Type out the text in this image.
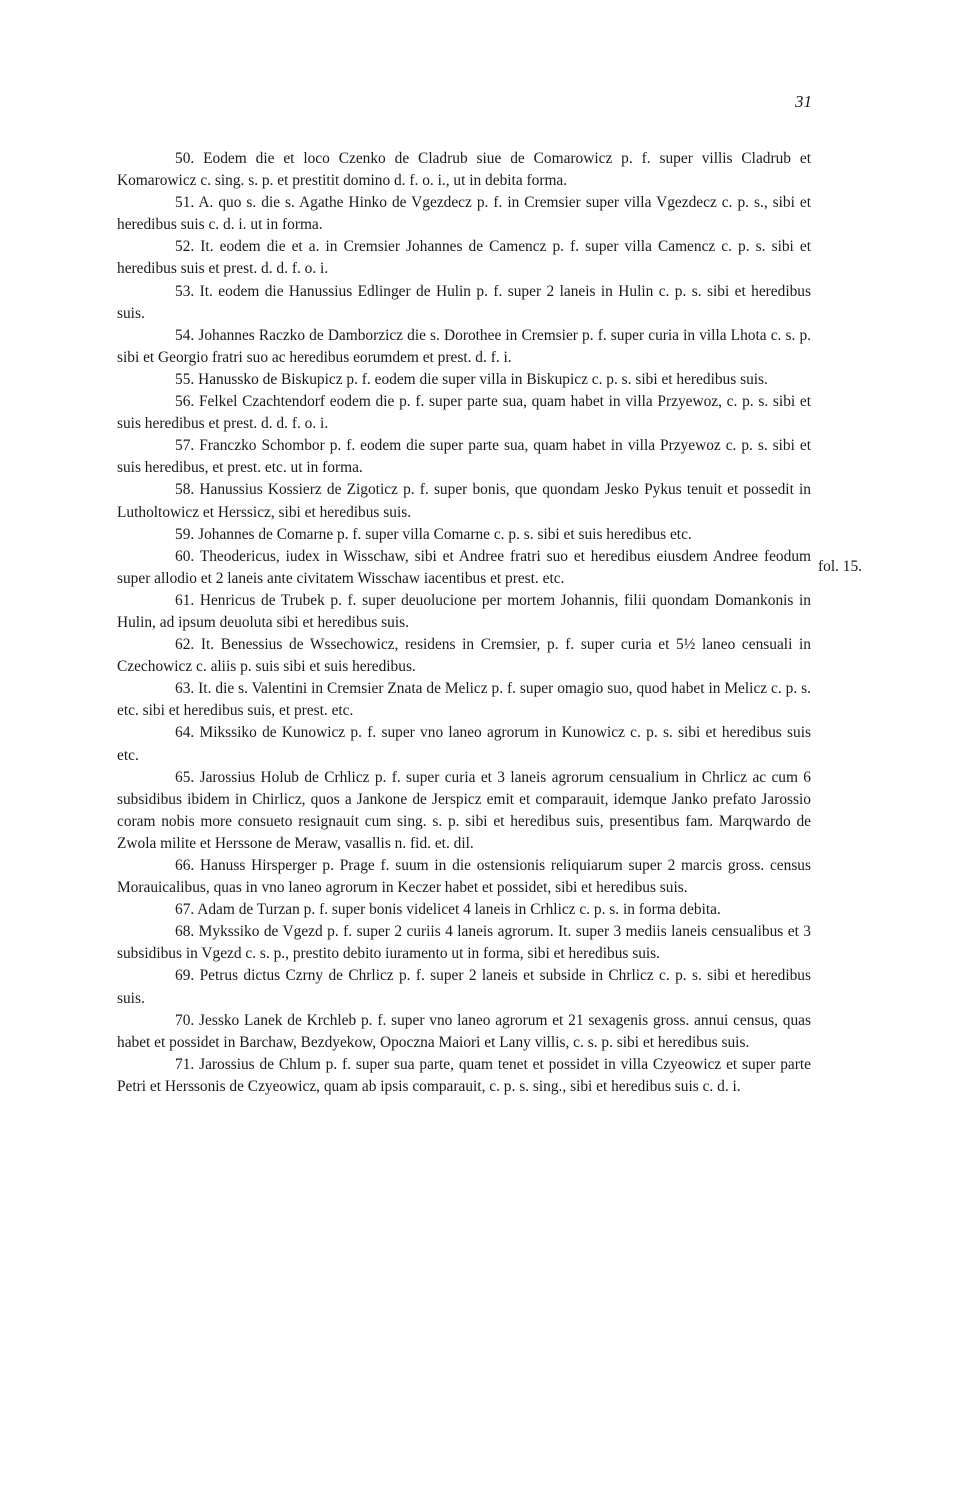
31
fol. 15.

50. Eodem die et loco Czenko de Cladrub siue de Comarowicz p. f. super villis Cladrub et Komarowicz c. sing. s. p. et prestitit domino d. f. o. i., ut in debita forma.

51. A. quo s. die s. Agathe Hinko de Vgezdecz p. f. in Cremsier super villa Vgezdecz c. p. s., sibi et heredibus suis c. d. i. ut in forma.

52. It. eodem die et a. in Cremsier Johannes de Camencz p. f. super villa Camencz c. p. s. sibi et heredibus suis et prest. d. d. f. o. i.

53. It. eodem die Hanussius Edlinger de Hulin p. f. super 2 laneis in Hulin c. p. s. sibi et heredibus suis.

54. Johannes Raczko de Damborzicz die s. Dorothee in Cremsier p. f. super curia in villa Lhota c. s. p. sibi et Georgio fratri suo ac heredibus eorumdem et prest. d. f. i.

55. Hanussko de Biskupicz p. f. eodem die super villa in Biskupicz c. p. s. sibi et heredibus suis.

56. Felkel Czachtendorf eodem die p. f. super parte sua, quam habet in villa Przyewoz, c. p. s. sibi et suis heredibus et prest. d. d. f. o. i.

57. Franczko Schombor p. f. eodem die super parte sua, quam habet in villa Przyewoz c. p. s. sibi et suis heredibus, et prest. etc. ut in forma.

58. Hanussius Kossierz de Zigoticz p. f. super bonis, que quondam Jesko Pykus tenuit et possedit in Lutholtowicz et Herssicz, sibi et heredibus suis.

59. Johannes de Comarne p. f. super villa Comarne c. p. s. sibi et suis heredibus etc.

60. Theodericus, iudex in Wisschaw, sibi et Andree fratri suo et heredibus eiusdem Andree feodum super allodio et 2 laneis ante civitatem Wisschaw iacentibus et prest. etc.

61. Henricus de Trubek p. f. super deuolucione per mortem Johannis, filii quondam Domankonis in Hulin, ad ipsum deuoluta sibi et heredibus suis.

62. It. Benessius de Wssechowicz, residens in Cremsier, p. f. super curia et 5½ laneo censuali in Czechowicz c. aliis p. suis sibi et suis heredibus.

63. It. die s. Valentini in Cremsier Znata de Melicz p. f. super omagio suo, quod habet in Melicz c. p. s. etc. sibi et heredibus suis, et prest. etc.

64. Mikssiko de Kunowicz p. f. super vno laneo agrorum in Kunowicz c. p. s. sibi et heredibus suis etc.

65. Jarossius Holub de Crhlicz p. f. super curia et 3 laneis agrorum censualium in Chrlicz ac cum 6 subsidibus ibidem in Chirlicz, quos a Jankone de Jerspicz emit et comparauit, idemque Janko prefato Jarossio coram nobis more consueto resignauit cum sing. s. p. sibi et heredibus suis, presentibus fam. Marqwardo de Zwola milite et Herssone de Meraw, vasallis n. fid. et. dil.

66. Hanuss Hirsperger p. Prage f. suum in die ostensionis reliquiarum super 2 marcis gross. census Morauicalibus, quas in vno laneo agrorum in Keczer habet et possidet, sibi et heredibus suis.

67. Adam de Turzan p. f. super bonis videlicet 4 laneis in Crhlicz c. p. s. in forma debita.

68. Mykssiko de Vgezd p. f. super 2 curiis 4 laneis agrorum. It. super 3 mediis laneis censualibus et 3 subsidibus in Vgezd c. s. p., prestito debito iuramento ut in forma, sibi et heredibus suis.

69. Petrus dictus Czrny de Chrlicz p. f. super 2 laneis et subside in Chrlicz c. p. s. sibi et heredibus suis.

70. Jessko Lanek de Krchleb p. f. super vno laneo agrorum et 21 sexagenis gross. annui census, quas habet et possidet in Barchaw, Bezdyekow, Opoczna Maiori et Lany villis, c. s. p. sibi et heredibus suis.

71. Jarossius de Chlum p. f. super sua parte, quam tenet et possidet in villa Czyeowicz et super parte Petri et Herssonis de Czyeowicz, quam ab ipsis comparauit, c. p. s. sing., sibi et heredibus suis c. d. i.
